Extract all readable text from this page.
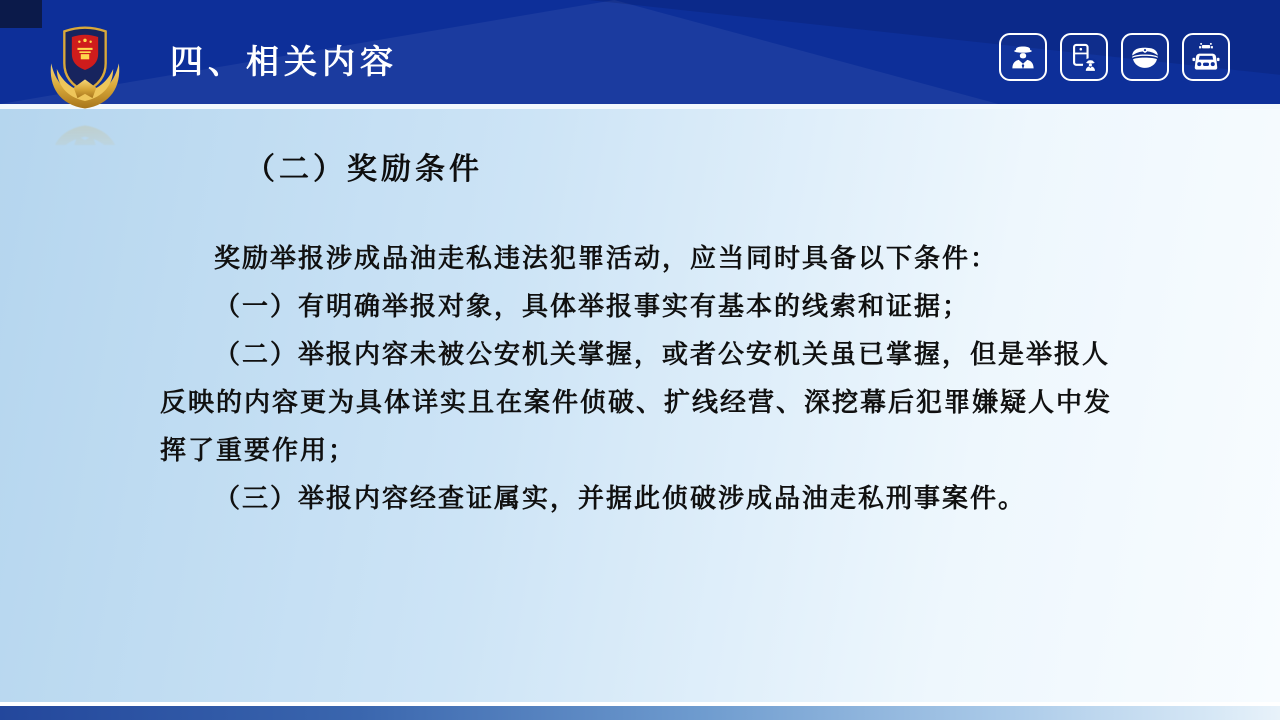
四、相关内容
（二）奖励条件
奖励举报涉成品油走私违法犯罪活动，应当同时具备以下条件：
（一）有明确举报对象，具体举报事实有基本的线索和证据；
（二）举报内容未被公安机关掌握，或者公安机关虽已掌握，但是举报人
反映的内容更为具体详实且在案件侦破、扩线经营、深挖幕后犯罪嫌疑人中发
挥了重要作用；
（三）举报内容经查证属实，并据此侦破涉成品油走私刑事案件。
